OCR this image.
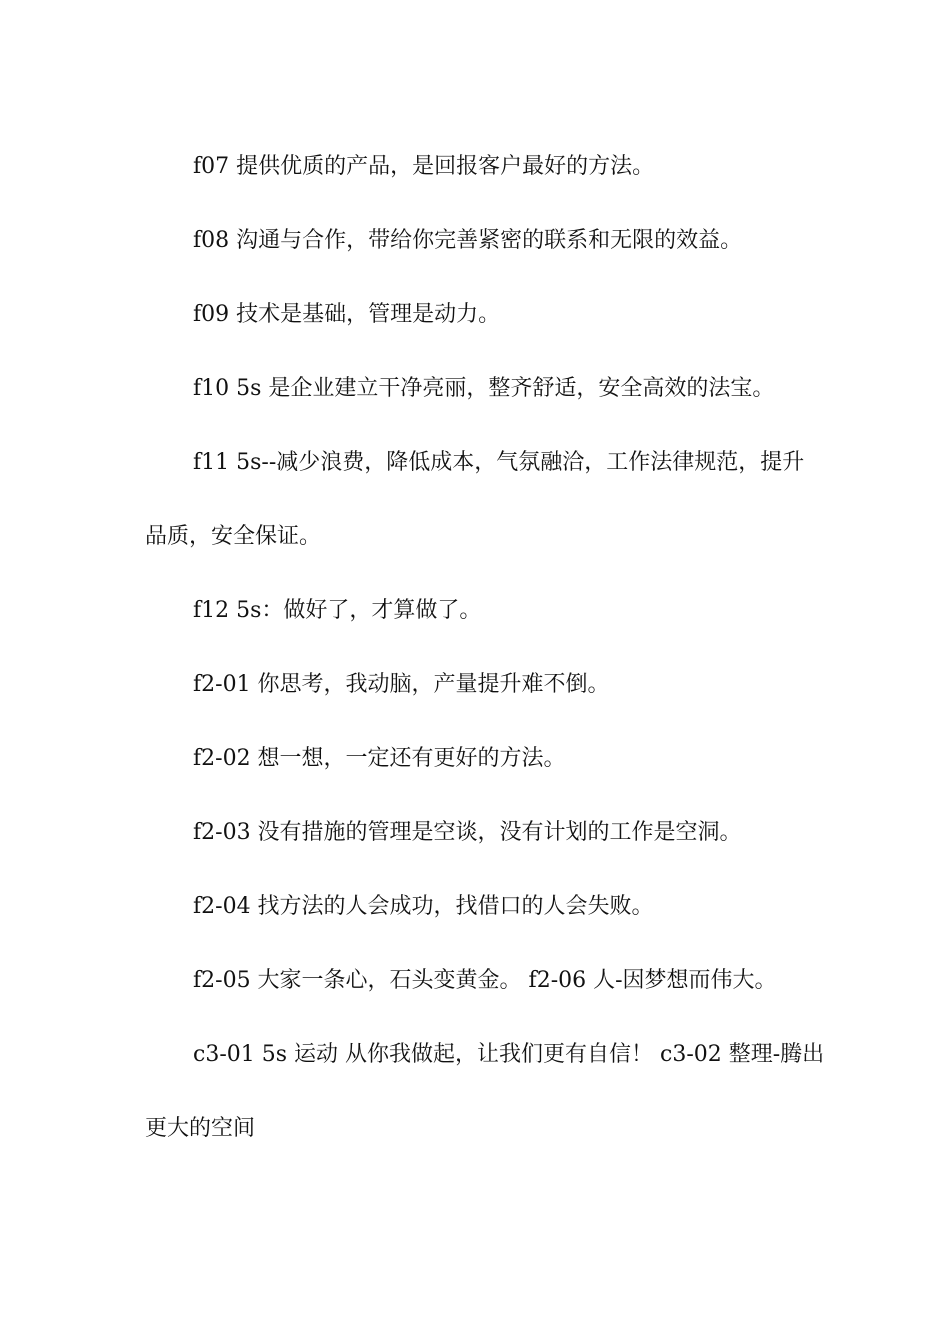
f07 提供优质的产品，是回报客户最好的方法。

f08 沟通与合作，带给你完善紧密的联系和无限的效益。

f09 技术是基础，管理是动力。

f10 5s 是企业建立干净亮丽，整齐舒适，安全高效的法宝。

f11 5s--减少浪费，降低成本，气氛融洽，工作法律规范，提升品质，安全保证。

f12 5s：做好了，才算做了。

f2-01 你思考，我动脑，产量提升难不倒。

f2-02 想一想，一定还有更好的方法。

f2-03 没有措施的管理是空谈，没有计划的工作是空洞。

f2-04 找方法的人会成功，找借口的人会失败。

f2-05 大家一条心，石头变黄金。 f2-06 人-因梦想而伟大。

c3-01 5s 运动 从你我做起，让我们更有自信！ c3-02 整理-腾出更大的空间
